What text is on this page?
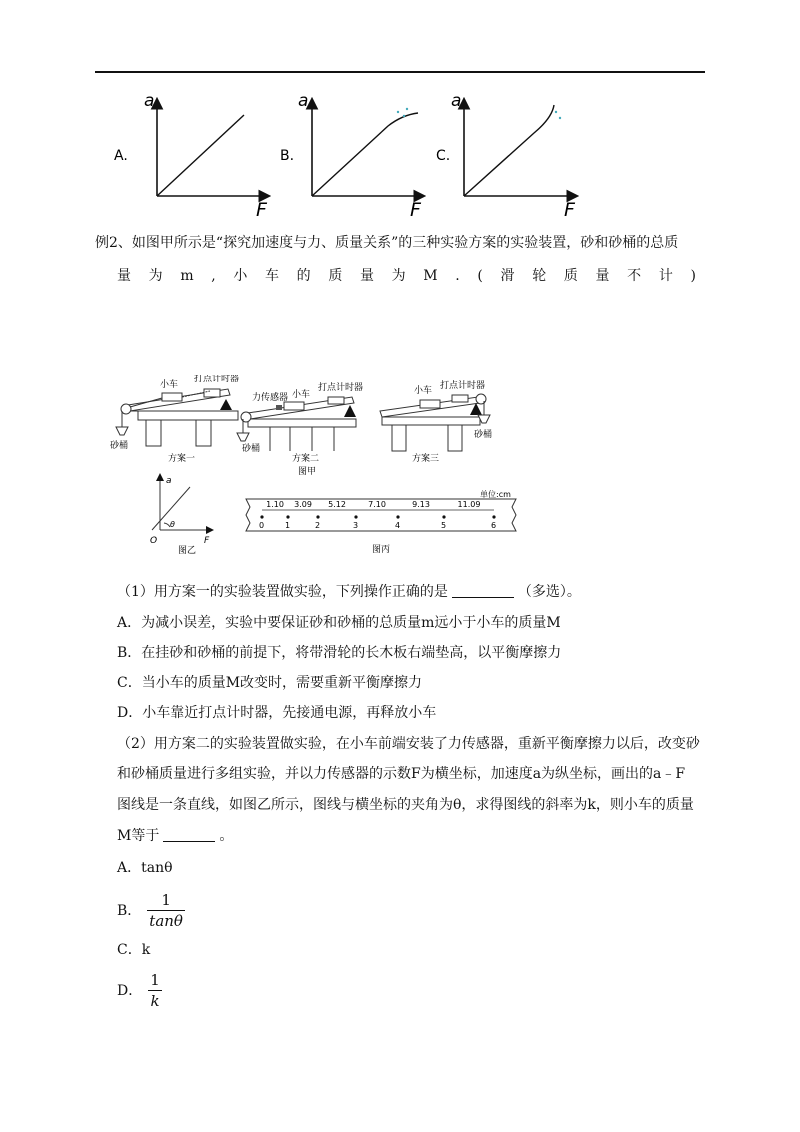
A.
a
F
B.
a
F
C.
a
F
例2、如图甲所示是“探究加速度与力、质量关系”的三种实验方案的实验装置，砂和砂桶的总质
量 为 m , 小 车 的 质 量 为 M . ( 滑 轮 质 量 不 计 )
小车
打点计时器
砂桶
方案一
力传感器 小车
打点计时器
砂桶
方案二
图甲
小车 打点计时器
砂桶
方案三
a
F
O
θ
图乙
单位:cm
0	1	2	3	4	5	6
1.10 3.09 5.12	7.10	9.13	11.09
图丙
（1）用方案一的实验装置做实验，下列操作正确的是	（多选）。
A．为减小误差，实验中要保证砂和砂桶的总质量m远小于小车的质量M
B．在挂砂和砂桶的前提下，将带滑轮的长木板右端垫高，以平衡摩擦力
C．当小车的质量M改变时，需要重新平衡摩擦力
D．小车靠近打点计时器，先接通电源，再释放小车
（2）用方案二的实验装置做实验，在小车前端安装了力传感器，重新平衡摩擦力以后，改变砂
和砂桶质量进行多组实验，并以力传感器的示数F为横坐标，加速度a为纵坐标，画出的a﹣F
图线是一条直线，如图乙所示，图线与横坐标的夹角为θ，求得图线的斜率为k，则小车的质量
M等于	。
A．tanθ
B． $\frac{1}{\tan\theta}$
C．k
D． $\frac{1}{k}$
